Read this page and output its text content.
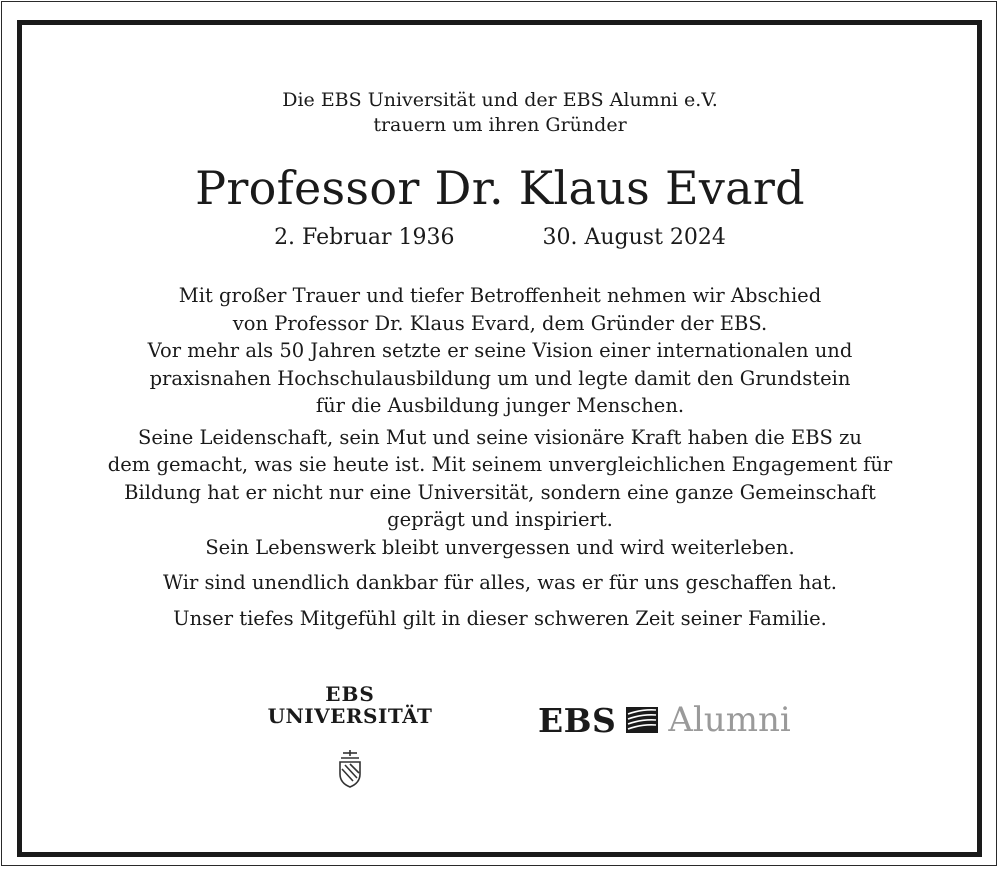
Die EBS Universität und der EBS Alumni e.V.
trauern um ihren Gründer
Professor Dr. Klaus Evard
2. Februar 1936	30. August 2024
Mit großer Trauer und tiefer Betroffenheit nehmen wir Abschied
von Professor Dr. Klaus Evard, dem Gründer der EBS.
Vor mehr als 50 Jahren setzte er seine Vision einer internationalen und
praxisnahen Hochschulausbildung um und legte damit den Grundstein
für die Ausbildung junger Menschen.
Seine Leidenschaft, sein Mut und seine visionäre Kraft haben die EBS zu
dem gemacht, was sie heute ist. Mit seinem unvergleichlichen Engagement für
Bildung hat er nicht nur eine Universität, sondern eine ganze Gemeinschaft
geprägt und inspiriert.
Sein Lebenswerk bleibt unvergessen und wird weiterleben.
Wir sind unendlich dankbar für alles, was er für uns geschaffen hat.
Unser tiefes Mitgefühl gilt in dieser schweren Zeit seiner Familie.
EBS
UNIVERSITÄT	EBS Alumni
